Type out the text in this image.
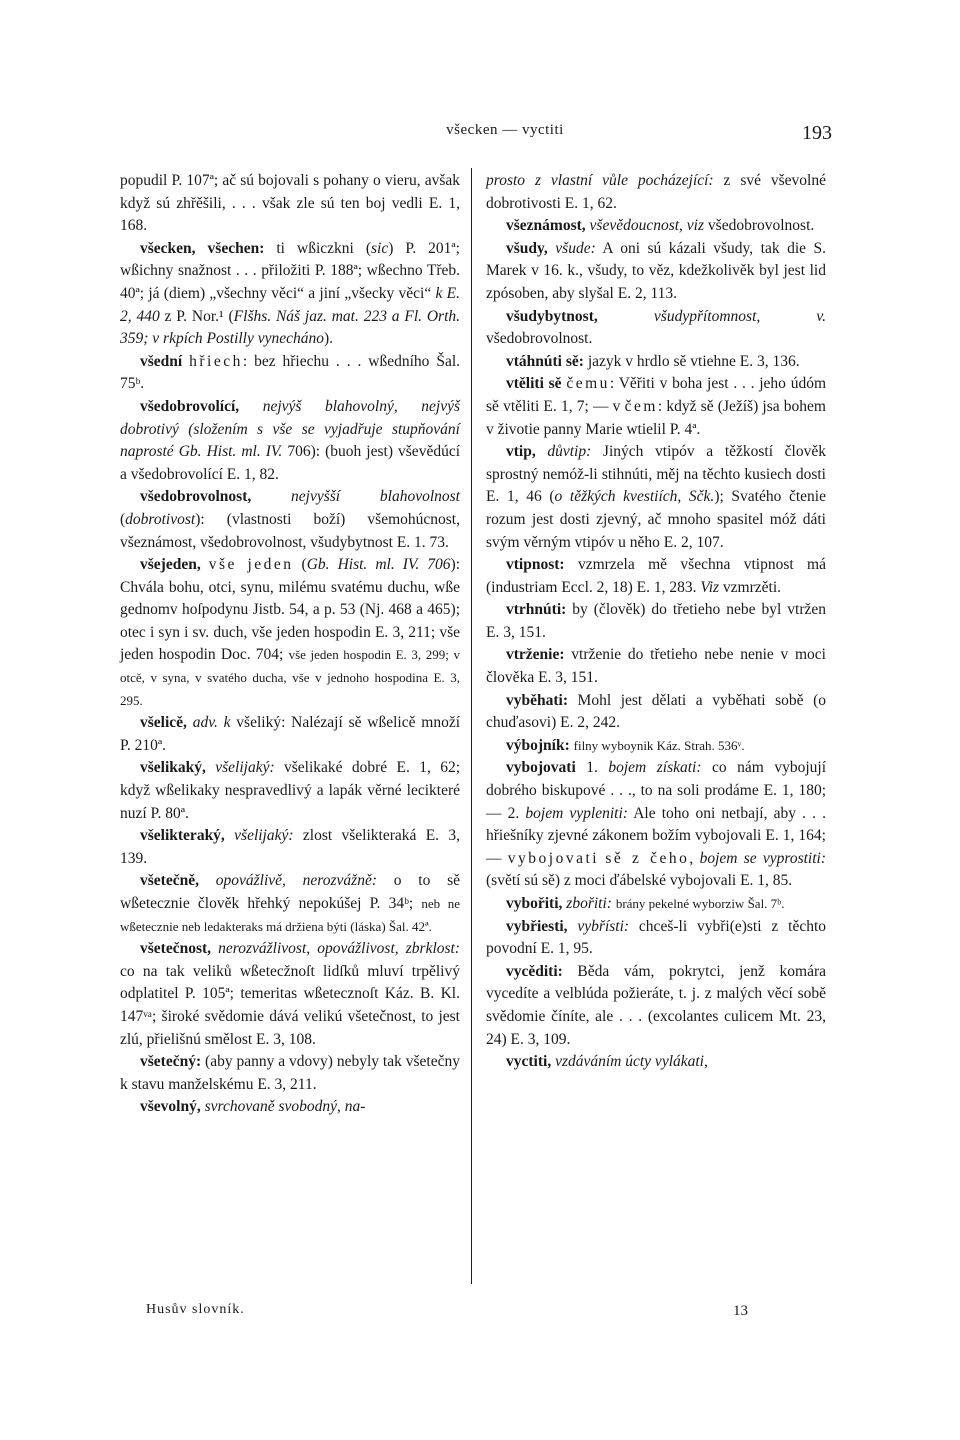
všecken — vyctiti	193

popudil P. 107ª; ač sú bojovali s pohany o vieru, avšak když sú zhřěšili, . . . však zle sú ten boj vedli E. 1, 168.

všecken, všechen: ti wßiczkni (sic) P. 201ª; wßichny snažnost . . . přiložiti P. 188ª; wßechno Třeb. 40ª; já (diem) „všechny věci“ a jiní „všecky věci“ k E. 2, 440 z P. Nor.¹ (Flšhs. Náš jaz. mat. 223 a Fl. Orth. 359; v rkpích Postilly vynecháno).

všední hřiech: bez hřiechu . . . wßedního Šal. 75ᵇ.

všedobrovolící, nejvýš blahovolný, nejvýš dobrotivý (složením s vše se vyjadřuje stupňování naprosté Gb. Hist. ml. IV. 706): (buoh jest) vševědúcí a všedobrovolící E. 1, 82.

všedobrovolnost,	nejvyšší blahovolnost (dobrotivost): (vlastnosti boží) všemohúcnost, všeznámost, všedobrovolnost, všudybytnost E. 1. 73.

všejeden, vše jeden (Gb. Hist. ml. IV. 706): Chvála bohu, otci, synu, milému svatému duchu, wße gednomv hoſpodynu Jistb. 54, a p. 53 (Nj. 468 a 465); otec i syn i sv. duch, vše jeden hospodin E. 3, 211; vše jeden hospodin Doc. 704; vše jeden hospodin E. 3, 299; v otcě, v syna, v svatého ducha, vše v jednoho hospodina E. 3, 295.

všelicě, adv. k všeliký: Nalézají sě wßelicě množí P. 210ª.

všelikaký, všelijaký: všelikaké dobré E. 1, 62; když wßelikaky nespravedlivý a lapák věrné lecikteré nuzí P. 80ª.

všelikteraký, všelijaký: zlost všelikteraká E. 3, 139.

všetečně, opovážlivě, nerozvážně: o to sě wßetecznie člověk hřehký nepokúšej P. 34ᵇ; neb ne wßetecznie neb ledakteraks má držiena býti (láska) Šal. 42ª.

všetečnost, nerozvážlivost, opovážlivost, zbrklost: co na tak veliků wßetecžnoſt lidſků mluví trpělivý odplatitel P. 105ª; temeritas wßetecznoſt Káz. B. Kl. 147ᵛᵃ; široké svědomie dává velikú všetečnost, to jest zlú, přielišnú smělost E. 3, 108.

všetečný: (aby panny a vdovy) nebyly tak všetečny k stavu manželskému E. 3, 211.

vševolný, svrchovaně svobodný, na-

prosto z vlastní vůle pocházející: z své vševolné dobrotivosti E. 1, 62.

všeznámost, vševědoucnost, viz všedobrovolnost.

všudy, všude: A oni sú kázali všudy, tak die S. Marek v 16. k., všudy, to věz, kdežkolivěk byl jest lid zpósoben, aby slyšal E. 2, 113.

všudybytnost,	všudypřítomnost, v. všedobrovolnost.

vtáhnúti sě: jazyk v hrdlo sě vtiehne E. 3, 136.

vtěliti sě čemu: Věřiti v boha jest . . . jeho údóm sě vtěliti E. 1, 7; — v čem: když sě (Ježíš) jsa bohem v životie panny Marie wtielil P. 4ª.

vtip, důvtip: Jiných vtipóv a těžkostí člověk sprostný nemóž-li stihnúti, měj na těchto kusiech dosti E. 1, 46 (o těžkých kvestiích, Sčk.); Svatého čtenie rozum jest dosti zjevný, ač mnoho spasitel móž dáti svým věrným vtipóv u něho E. 2, 107.

vtipnost: vzmrzela mě všechna vtipnost má (industriam Eccl. 2, 18) E. 1, 283. Viz vzmrzěti.

vtrhnúti: by (člověk) do třetieho nebe byl vtržen E. 3, 151.

vtrženie: vtrženie do třetieho nebe nenie v moci člověka E. 3, 151.

vyběhati: Mohl jest dělati a vyběhati sobě (o chuďasovi) E. 2, 242.

výbojník: filny wyboynik Káz. Strah. 536ᵛ.

vybojovati 1. bojem získati: co nám vybojují dobrého biskupové . . ., to na soli prodáme E. 1, 180; — 2. bojem vypleniti: Ale toho oni netbají, aby . . . hřiešníky zjevné zákonem božím vybojovali E. 1, 164; — vybojovati sě z čeho, bojem se vyprostiti: (světí sú sě) z moci ďábelské vybojovali E. 1, 85.

vybořiti, zbořiti: brány pekelné wyborziw Šal. 7ᵇ.

vybřiesti, vybřísti: chceš-li vybři(e)sti z těchto povodní E. 1, 95.

vycěditi: Běda vám, pokrytci, jenž komára vycedíte a velblúda požieráte, t. j. z malých věcí sobě svědomie číníte, ale . . . (excolantes culicem Mt. 23, 24) E. 3, 109.

vyctiti, vzdáváním úcty vylákati,

Husův slovník.	13
